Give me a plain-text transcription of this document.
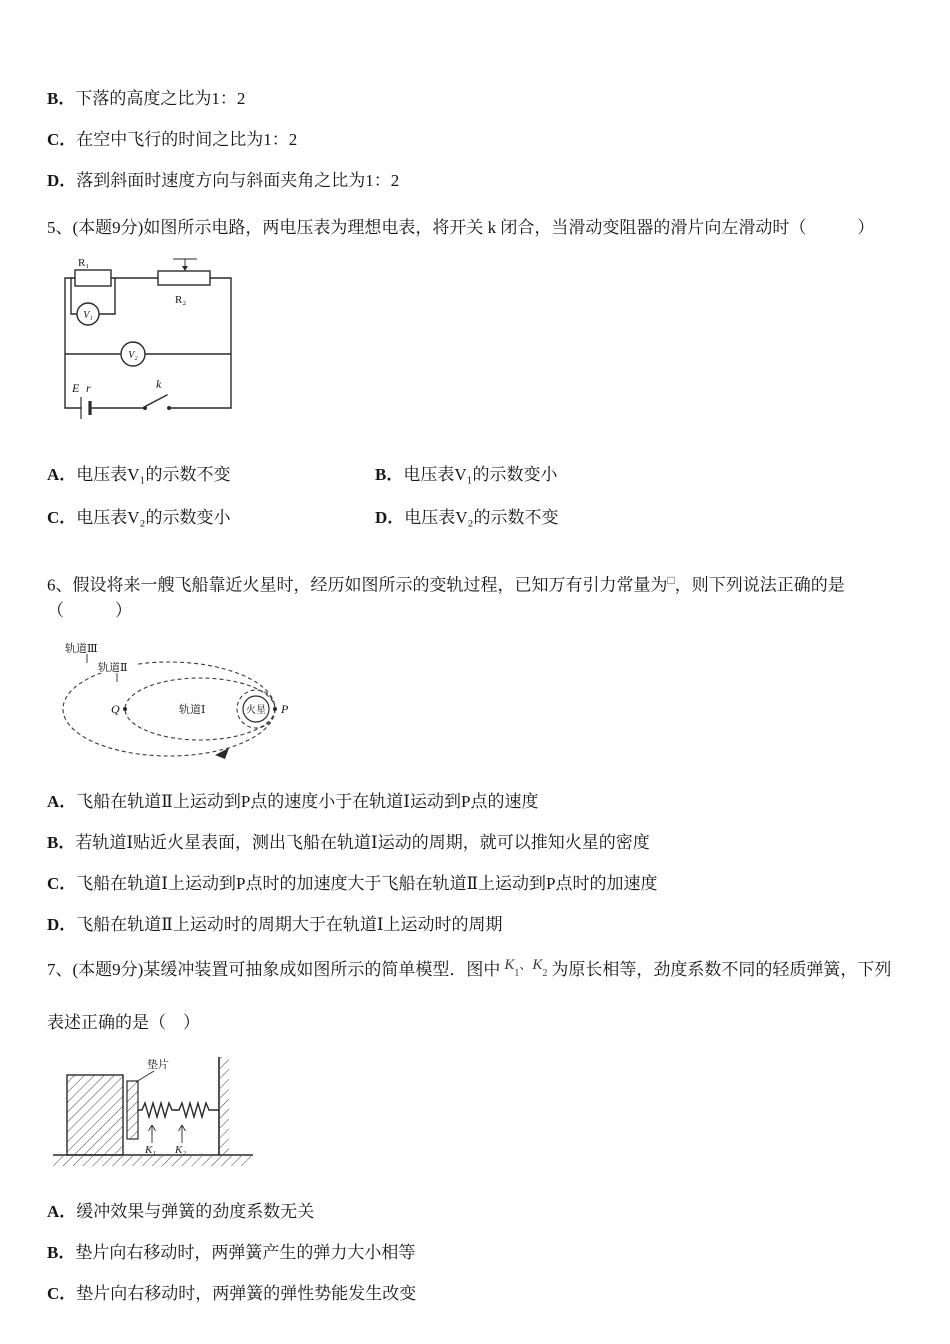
B．下落的高度之比为1：2
C．在空中飞行的时间之比为1：2
D．落到斜面时速度方向与斜面夹角之比为1：2
5、(本题9分)如图所示电路，两电压表为理想电表，将开关 k 闭合，当滑动变阻器的滑片向左滑动时（　　　）
R₁
R₂
V₁
V₂
E r	k
A．电压表V₁的示数不变	B．电压表V₁的示数变小
C．电压表V₂的示数变小	D．电压表V₂的示数不变
6、假设将来一艘飞船靠近火星时，经历如图所示的变轨过程，已知万有引力常量为□，则下列说法正确的是（　　　）
火星
轨道Ⅲ
轨道Ⅱ
轨道Ⅰ
Q	P
A．飞船在轨道Ⅱ上运动到P点的速度小于在轨道Ⅰ运动到P点的速度
B．若轨道Ⅰ贴近火星表面，测出飞船在轨道Ⅰ运动的周期，就可以推知火星的密度
C．飞船在轨道Ⅰ上运动到P点时的加速度大于飞船在轨道Ⅱ上运动到P点时的加速度
D．飞船在轨道Ⅱ上运动时的周期大于在轨道Ⅰ上运动时的周期
7、(本题9分)某缓冲装置可抽象成如图所示的简单模型．图中 $K_1$、$K_2$ 为原长相等，劲度系数不同的轻质弹簧，下列
表述正确的是（　）
垫片
K₁ K₂
A．缓冲效果与弹簧的劲度系数无关
B．垫片向右移动时，两弹簧产生的弹力大小相等
C．垫片向右移动时，两弹簧的弹性势能发生改变
